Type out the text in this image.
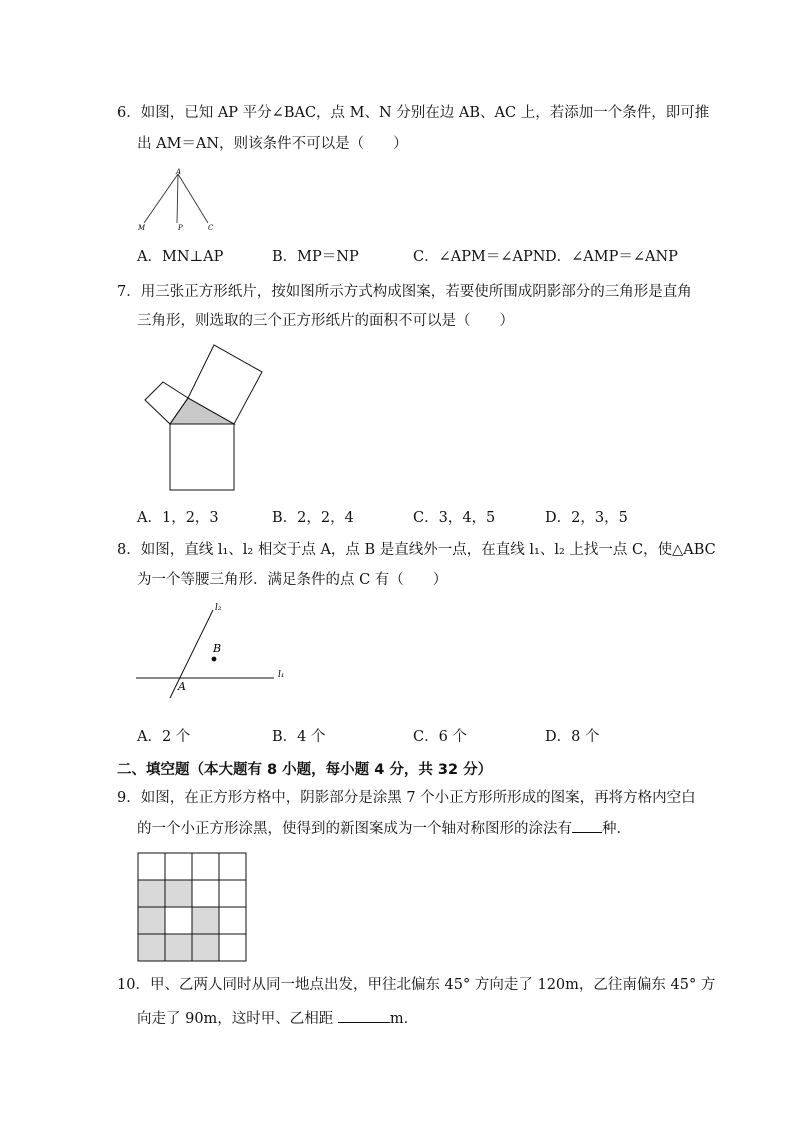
6．如图，已知 AP 平分∠BAC，点 M、N 分别在边 AB、AC 上，若添加一个条件，即可推
出 AM＝AN，则该条件不可以是（　　）
A
M	P	C
A．MN⊥AP	B．MP＝NP	C．∠APM＝∠APN D．∠AMP＝∠ANP
7．用三张正方形纸片，按如图所示方式构成图案，若要使所围成阴影部分的三角形是直角
三角形，则选取的三个正方形纸片的面积不可以是（　　）
A．1，2，3	B．2，2，4	C．3，4，5	D．2，3，5
8．如图，直线 l₁、l₂ 相交于点 A，点 B 是直线外一点，在直线 l₁、l₂ 上找一点 C，使△ABC
为一个等腰三角形．满足条件的点 C 有（　　）
l₂
B
l₁
A
A．2 个	B．4 个	C．6 个	D．8 个
二、填空题（本大题有 8 小题，每小题 4 分，共 32 分）
9．如图，在正方形方格中，阴影部分是涂黑 7 个小正方形所形成的图案，再将方格内空白
的一个小正方形涂黑，使得到的新图案成为一个轴对称图形的涂法有 种．
10．甲、乙两人同时从同一地点出发，甲往北偏东 45° 方向走了 120m，乙往南偏东 45° 方
向走了 90m，这时甲、乙相距	m．
